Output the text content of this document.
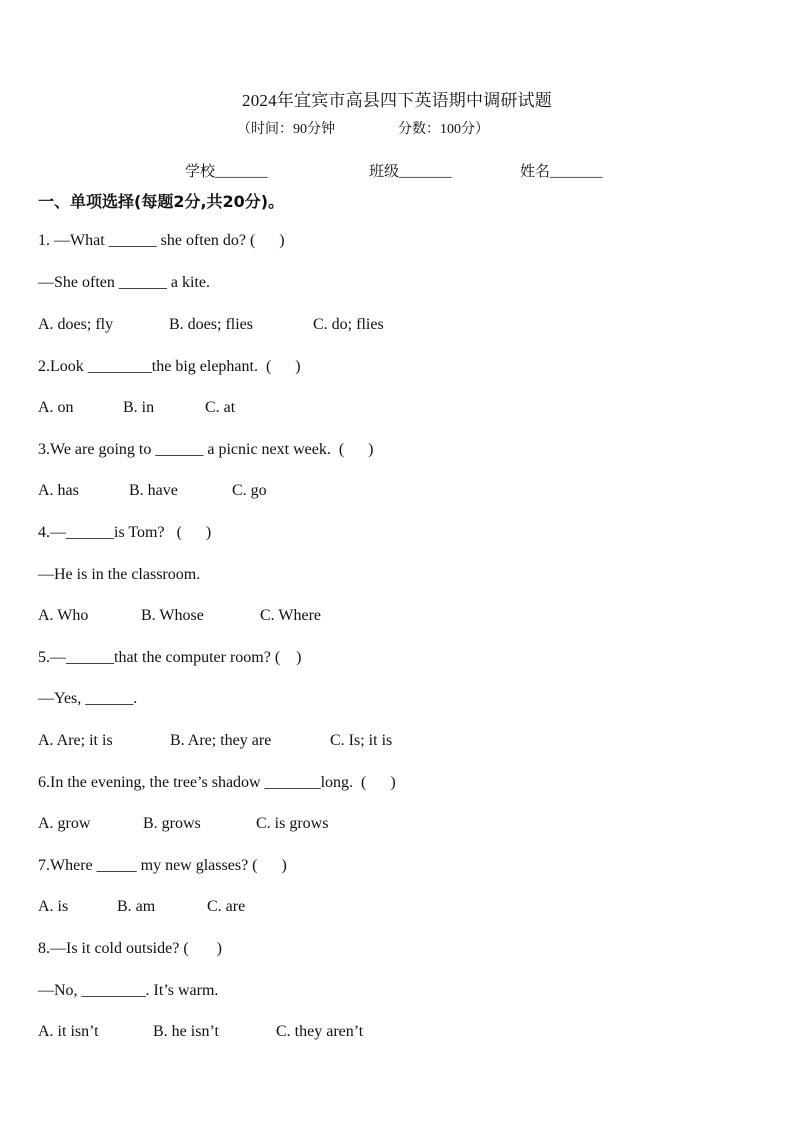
2024年宜宾市高县四下英语期中调研试题
（时间：90分钟                  分数：100分）
学校_______	班级_______	姓名_______
一、单项选择(每题2分,共20分)。
1. —What ______ she often do? (      )
—She often ______ a kite.
A. does; fly	B. does; flies	C. do; flies
2.Look ________the big elephant.  (      )
A. on	B. in	C. at
3.We are going to ______ a picnic next week.  (      )
A. has	B. have	C. go
4.—______is Tom?   (      )
—He is in the classroom.
A. Who	B. Whose	C. Where
5.—______that the computer room? (    )
—Yes, ______.
A. Are; it is	B. Are; they are	C. Is; it is
6.In the evening, the tree’s shadow _______long.  (      )
A. grow	B. grows	C. is grows
7.Where _____ my new glasses? (      )
A. is	B. am	C. are
8.—Is it cold outside? (       )
—No, ________. It’s warm.
A. it isn’t	B. he isn’t	C. they aren’t
